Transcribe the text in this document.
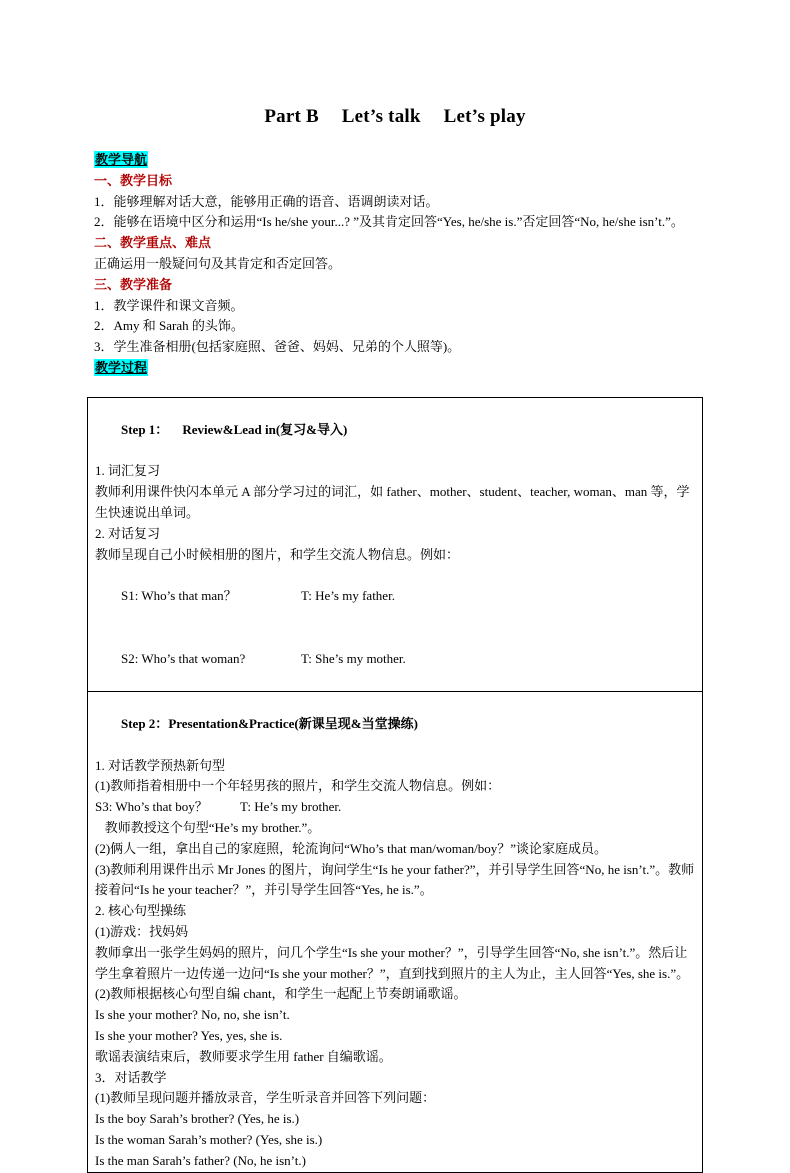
Part B Let’s talk Let’s play
教学导航
一、教学目标
1．能够理解对话大意，能够用正确的语音、语调朗读对话。
2．能够在语境中区分和运用“Is he/she your...? ”及其肯定回答“Yes, he/she is.”否定回答“No, he/she isn’t.”。
二、教学重点、难点
正确运用一般疑问句及其肯定和否定回答。
三、教学准备
1．教学课件和课文音频。
2．Amy 和 Sarah 的头饰。
3．学生准备相册(包括家庭照、爸爸、妈妈、兄弟的个人照等)。
教学过程

Step 1： Review&Lead in(复习&导入)

1. 词汇复习
教师利用课件快闪本单元 A 部分学习过的词汇，如 father、mother、student、teacher, woman、man 等，学生快速说出单词。
2. 对话复习
教师呈现自己小时候相册的图片，和学生交流人物信息。例如：

S1: Who’s that man？	T: He’s my father.

S2: Who’s that woman?	T: She’s my mother.

Step 2：Presentation&Practice(新课呈现&当堂操练)

1. 对话教学预热新句型
(1)教师指着相册中一个年轻男孩的照片，和学生交流人物信息。例如：
S3: Who’s that boy？          T: He’s my brother.
教师教授这个句型“He’s my brother.”。
(2)俩人一组，拿出自己的家庭照，轮流询问“Who’s that man/woman/boy？”谈论家庭成员。
(3)教师利用课件出示 Mr Jones 的图片，询问学生“Is he your father?”，并引导学生回答“No, he isn’t.”。教师接着问“Is he your teacher？”，并引导学生回答“Yes, he is.”。
2. 核心句型操练
(1)游戏：找妈妈
教师拿出一张学生妈妈的照片，问几个学生“Is she your mother？”，引导学生回答“No, she isn’t.”。然后让学生拿着照片一边传递一边问“Is she your mother？”，直到找到照片的主人为止，主人回答“Yes, she is.”。
(2)教师根据核心句型自编 chant，和学生一起配上节奏朗诵歌谣。
Is she your mother? No, no, she isn’t.
Is she your mother? Yes, yes, she is.
歌谣表演结束后，教师要求学生用 father 自编歌谣。
3．对话教学
(1)教师呈现问题并播放录音，学生听录音并回答下列问题：
Is the boy Sarah’s brother? (Yes, he is.)
Is the woman Sarah’s mother? (Yes, she is.)
Is the man Sarah’s father? (No, he isn’t.)
